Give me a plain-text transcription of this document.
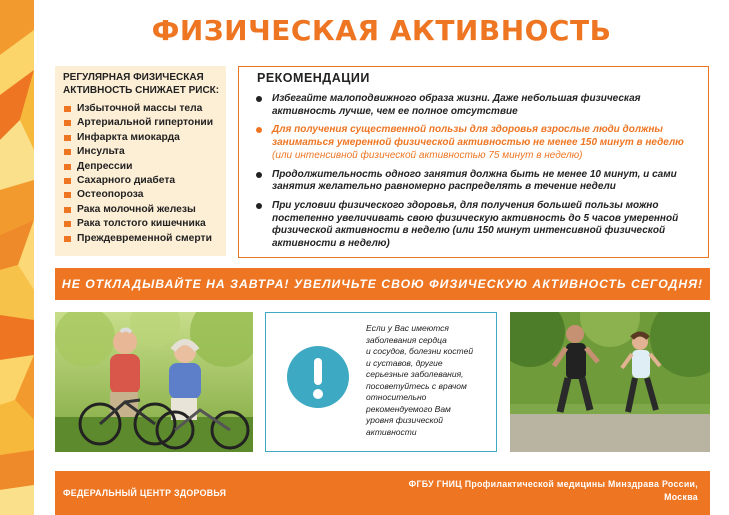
ФИЗИЧЕСКАЯ АКТИВНОСТЬ
РЕГУЛЯРНАЯ ФИЗИЧЕСКАЯ
АКТИВНОСТЬ СНИЖАЕТ РИСК:
Избыточной массы тела
Артериальной гипертонии
Инфаркта миокарда
Инсульта
Депрессии
Сахарного диабета
Остеопороза
Рака молочной железы
Рака толстого кишечника
Преждевременной смерти
РЕКОМЕНДАЦИИ
Избегайте малоподвижного образа жизни. Даже небольшая физическая активность лучше, чем ее полное отсутствие
Для получения существенной пользы для здоровья взрослые люди должны заниматься умеренной физической активностью не менее 150 минут в неделю
(или интенсивной физической активностью 75 минут в неделю)
Продолжительность одного занятия должна быть не менее 10 минут, и сами занятия желательно равномерно распределять в течение недели
При условии физического здоровья, для получения большей пользы можно постепенно увеличивать свою физическую активность до 5 часов умеренной физической активности в неделю (или 150 минут интенсивной физической активности в неделю)
НЕ ОТКЛАДЫВАЙТЕ НА ЗАВТРА! УВЕЛИЧЬТЕ СВОЮ ФИЗИЧЕСКУЮ АКТИВНОСТЬ СЕГОДНЯ!
Если у Вас имеются
заболевания сердца
и сосудов, болезни костей
и суставов, другие
серьезные заболевания,
посоветуйтесь с врачом
относительно
рекомендуемого Вам
уровня физической
активности
ФЕДЕРАЛЬНЫЙ ЦЕНТР ЗДОРОВЬЯ
ФГБУ ГНИЦ Профилактической медицины Минздрава России,
Москва
